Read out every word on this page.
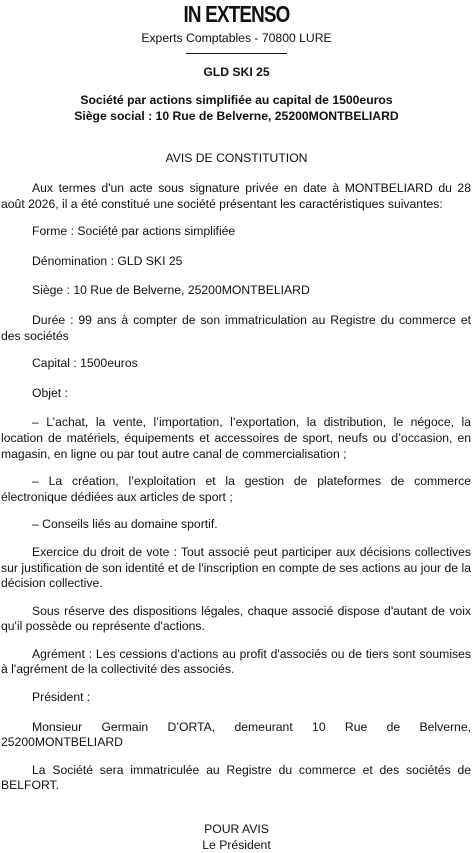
IN EXTENSO
Experts Comptables - 70800 LURE
GLD SKI 25
Société par actions simplifiée au capital de 1500euros
Siège social : 10 Rue de Belverne, 25200MONTBELIARD
AVIS DE CONSTITUTION

Aux termes d'un acte sous signature privée en date à MONTBELIARD du 28 août 2026, il a été constitué une société présentant les caractéristiques suivantes:

Forme : Société par actions simplifiée

Dénomination : GLD SKI 25

Siège : 10 Rue de Belverne, 25200MONTBELIARD

Durée : 99 ans à compter de son immatriculation au Registre du commerce et des sociétés

Capital : 1500euros

Objet :

– L’achat, la vente, l’importation, l’exportation, la distribution, le négoce, la location de matériels, équipements et accessoires de sport, neufs ou d’occasion, en magasin, en ligne ou par tout autre canal de commercialisation ;

– La création, l’exploitation et la gestion de plateformes de commerce électronique dédiées aux articles de sport ;

– Conseils liés au domaine sportif.

Exercice du droit de vote : Tout associé peut participer aux décisions collectives sur justification de son identité et de l'inscription en compte de ses actions au jour de la décision collective.

Sous réserve des dispositions légales, chaque associé dispose d'autant de voix qu'il possède ou représente d'actions.

Agrément : Les cessions d'actions au profit d'associés ou de tiers sont soumises à l'agrément de la collectivité des associés.

Président :

Monsieur Germain D’ORTA, demeurant 10 Rue de Belverne, 25200MONTBELIARD

La Société sera immatriculée au Registre du commerce et des sociétés de BELFORT.

POUR AVIS
Le Président
